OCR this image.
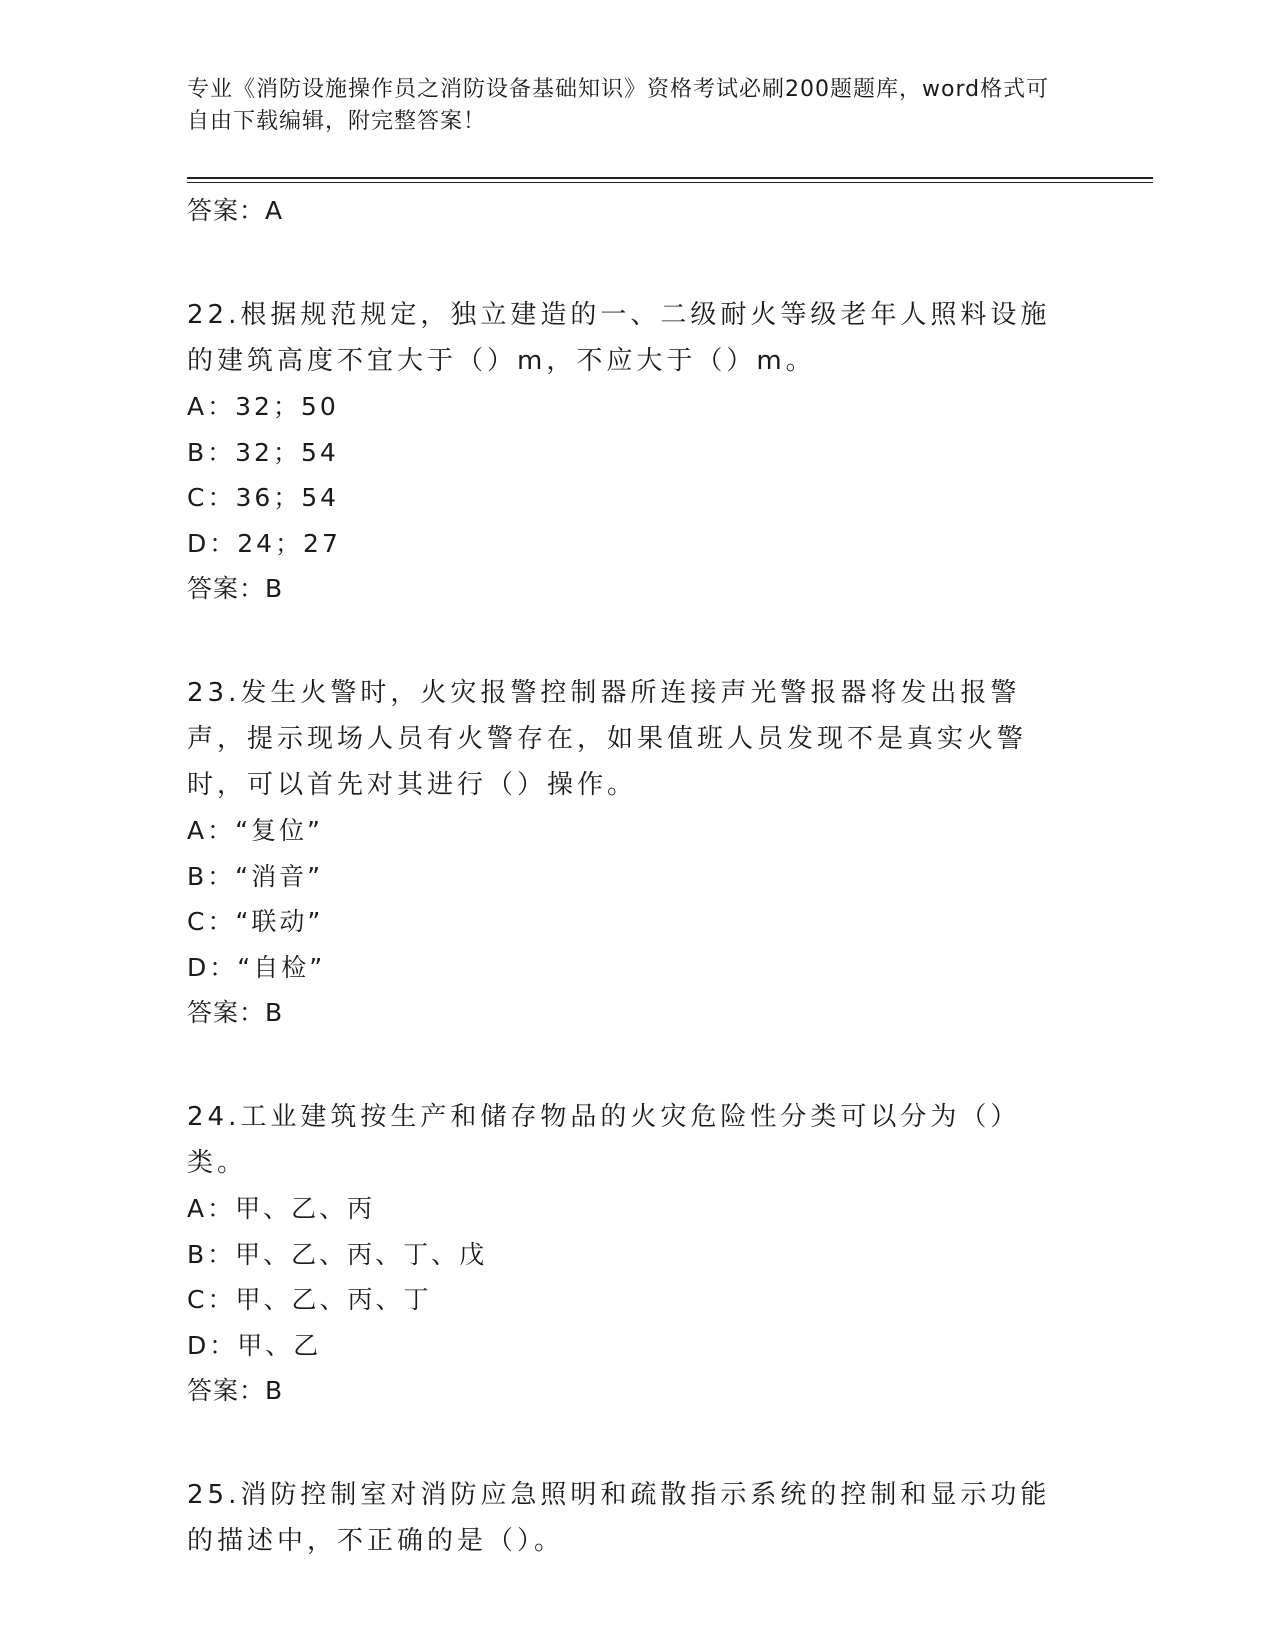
专业《消防设施操作员之消防设备基础知识》资格考试必刷200题题库，word格式可自由下载编辑，附完整答案！
答案：A
22.根据规范规定，独立建造的一、二级耐火等级老年人照料设施的建筑高度不宜大于（）m，不应大于（）m。
A：32；50
B：32；54
C：36；54
D：24；27
答案：B
23.发生火警时，火灾报警控制器所连接声光警报器将发出报警声，提示现场人员有火警存在，如果值班人员发现不是真实火警时，可以首先对其进行（）操作。
A：“复位”
B：“消音”
C：“联动”
D：“自检”
答案：B
24.工业建筑按生产和储存物品的火灾危险性分类可以分为（）类。
A：甲、乙、丙
B：甲、乙、丙、丁、戊
C：甲、乙、丙、丁
D：甲、乙
答案：B
25.消防控制室对消防应急照明和疏散指示系统的控制和显示功能的描述中，不正确的是（）。
